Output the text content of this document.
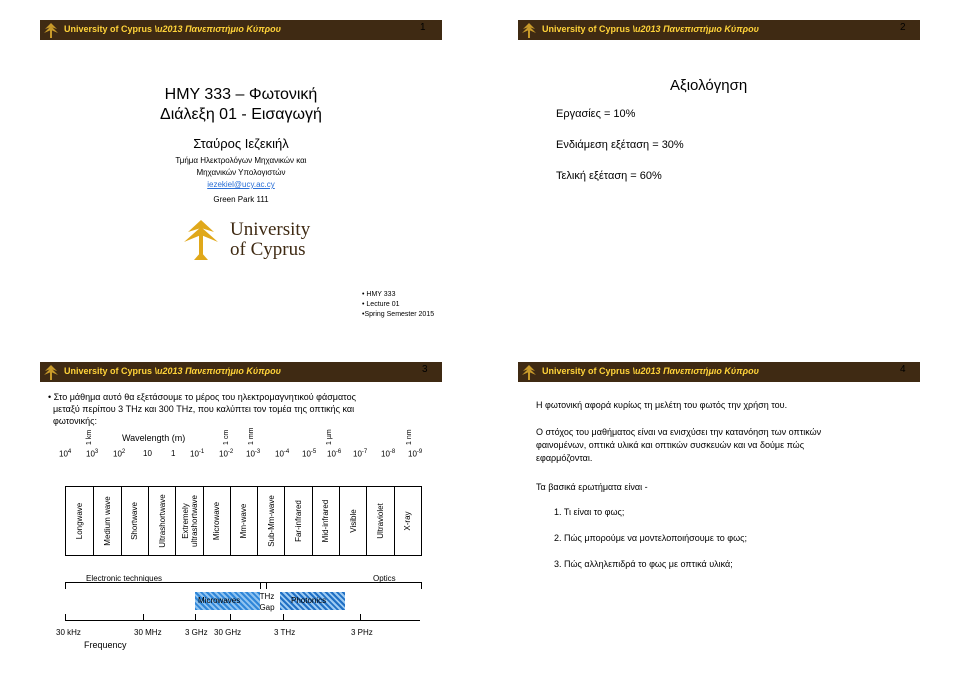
University of Cyprus \u2013 Πανεπιστήμιο Κύπρου	1
HMY 333 – Φωτονική
Διάλεξη 01 - Εισαγωγή
Σταύρος Ιεζεκιήλ
Τμήμα Ηλεκτρολόγων Μηχανικών και
Μηχανικών Υπολογιστών
iezekiel@ucy.ac.cy
Green Park 111
University
of Cyprus
• HMY 333
• Lecture 01
•Spring Semester 2015
University of Cyprus \u2013 Πανεπιστήμιο Κύπρου	2
Αξιολόγηση
Εργασίες = 10%
Ενδιάμεση εξέταση = 30%
Τελική εξέταση = 60%
University of Cyprus \u2013 Πανεπιστήμιο Κύπρου	3
• Στο μάθημα αυτό θα εξετάσουμε το μέρος του ηλεκτρομαγνητικού φάσματος
μεταξύ περίπου 3 THz και 300 THz, που καλύπτει τον τομέα της οπτικής και
φωτονικής:
1 km	1 cm	1 mm	1 µm	1 nm
Wavelength (m)
$10^4$ $10^3$ $10^2$ 10 1 $10^{-1}$ $10^{-2}$ $10^{-3}$ $10^{-4}$ $10^{-5}$ $10^{-6}$ $10^{-7}$ $10^{-8}$ $10^{-9}$
Longwave Medium wave Shortwave Ultrashortwave Extremely ultrashortwave Microwave Mm-wave Sub-Mm-wave Far-infrared Mid-infrared Visible Ultraviolet X-ray
Electronic techniques	Optics
Microwaves	THz
Gap
Photonics
30 kHz	30 MHz	3 GHz 30 GHz	3 THz	3 PHz
Frequency
University of Cyprus \u2013 Πανεπιστήμιο Κύπρου	4
Η φωτονική αφορά κυρίως τη μελέτη του φωτός την χρήση του.
Ο στόχος του μαθήματος είναι να ενισχύσει την κατανόηση των οπτικών
φαινομένων, οπτικά υλικά και οπτικών συσκευών και να δούμε πώς
εφαρμόζονται.
Τα βασικά ερωτήματα είναι -
1. Τι είναι το φως;
2. Πώς μπορούμε να μοντελοποιήσουμε το φως;
3. Πώς αλληλεπιδρά το φως με οπτικά υλικά;
